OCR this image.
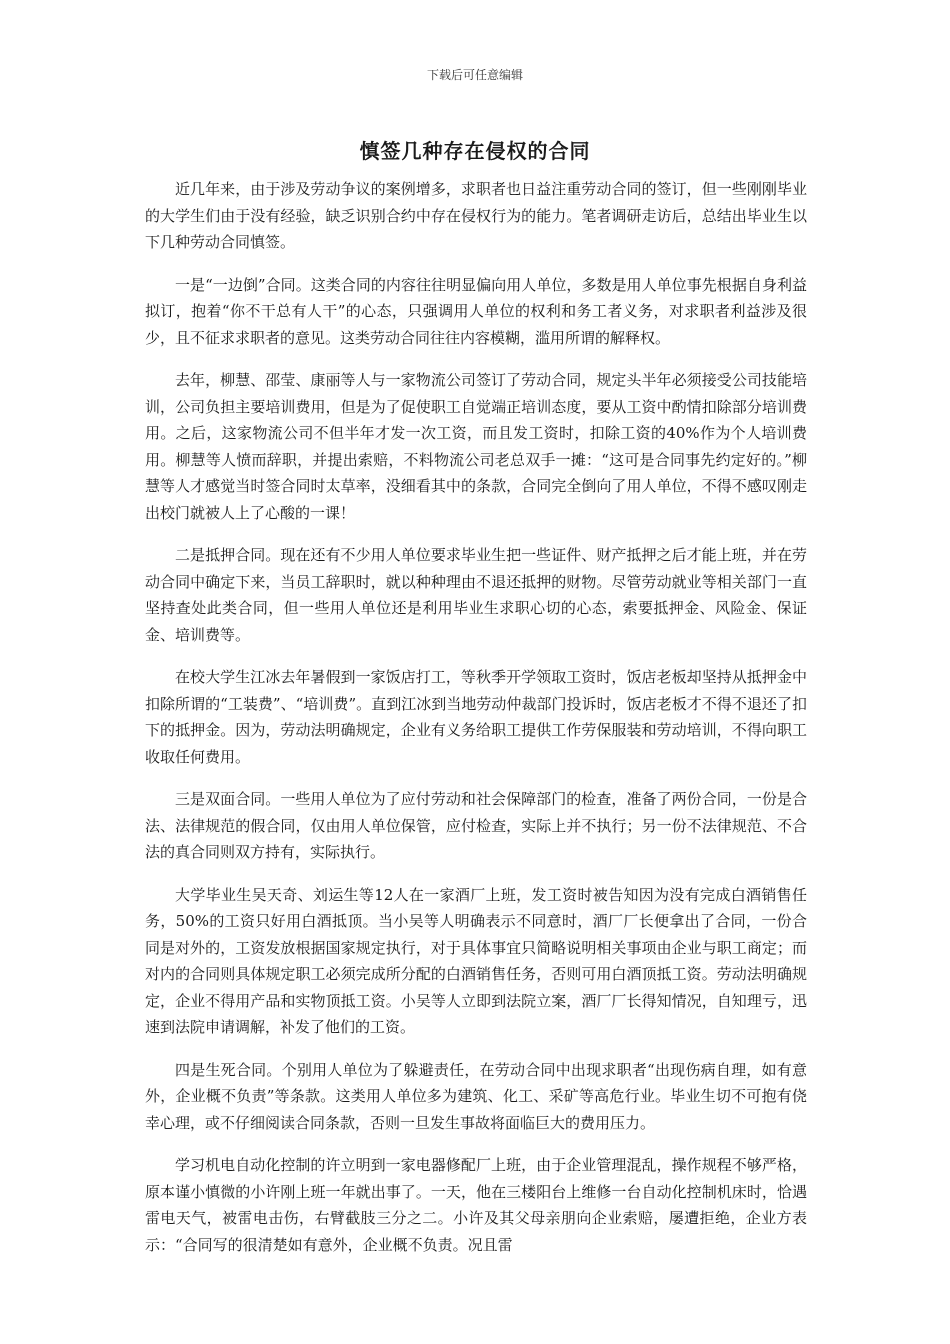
下载后可任意编辑
慎签几种存在侵权的合同

近几年来，由于涉及劳动争议的案例增多，求职者也日益注重劳动合同的签订，但一些刚刚毕业的大学生们由于没有经验，缺乏识别合约中存在侵权行为的能力。笔者调研走访后，总结出毕业生以下几种劳动合同慎签。

一是“一边倒”合同。这类合同的内容往往明显偏向用人单位，多数是用人单位事先根据自身利益拟订，抱着“你不干总有人干”的心态，只强调用人单位的权利和务工者义务，对求职者利益涉及很少，且不征求求职者的意见。这类劳动合同往往内容模糊，滥用所谓的解释权。

去年，柳慧、邵莹、康丽等人与一家物流公司签订了劳动合同，规定头半年必须接受公司技能培训，公司负担主要培训费用，但是为了促使职工自觉端正培训态度，要从工资中酌情扣除部分培训费用。之后，这家物流公司不但半年才发一次工资，而且发工资时，扣除工资的40%作为个人培训费用。柳慧等人愤而辞职，并提出索赔，不料物流公司老总双手一摊：“这可是合同事先约定好的。”柳慧等人才感觉当时签合同时太草率，没细看其中的条款，合同完全倒向了用人单位，不得不感叹刚走出校门就被人上了心酸的一课！

二是抵押合同。现在还有不少用人单位要求毕业生把一些证件、财产抵押之后才能上班，并在劳动合同中确定下来，当员工辞职时，就以种种理由不退还抵押的财物。尽管劳动就业等相关部门一直坚持查处此类合同，但一些用人单位还是利用毕业生求职心切的心态，索要抵押金、风险金、保证金、培训费等。

在校大学生江冰去年暑假到一家饭店打工，等秋季开学领取工资时，饭店老板却坚持从抵押金中扣除所谓的“工装费”、“培训费”。直到江冰到当地劳动仲裁部门投诉时，饭店老板才不得不退还了扣下的抵押金。因为，劳动法明确规定，企业有义务给职工提供工作劳保服装和劳动培训，不得向职工收取任何费用。

三是双面合同。一些用人单位为了应付劳动和社会保障部门的检查，准备了两份合同，一份是合法、法律规范的假合同，仅由用人单位保管，应付检查，实际上并不执行；另一份不法律规范、不合法的真合同则双方持有，实际执行。

大学毕业生吴天奇、刘运生等12人在一家酒厂上班，发工资时被告知因为没有完成白酒销售任务，50%的工资只好用白酒抵顶。当小吴等人明确表示不同意时，酒厂厂长便拿出了合同，一份合同是对外的，工资发放根据国家规定执行，对于具体事宜只简略说明相关事项由企业与职工商定；而对内的合同则具体规定职工必须完成所分配的白酒销售任务，否则可用白酒顶抵工资。劳动法明确规定，企业不得用产品和实物顶抵工资。小吴等人立即到法院立案，酒厂厂长得知情况，自知理亏，迅速到法院申请调解，补发了他们的工资。

四是生死合同。个别用人单位为了躲避责任，在劳动合同中出现求职者“出现伤病自理，如有意外，企业概不负责”等条款。这类用人单位多为建筑、化工、采矿等高危行业。毕业生切不可抱有侥幸心理，或不仔细阅读合同条款，否则一旦发生事故将面临巨大的费用压力。

学习机电自动化控制的许立明到一家电器修配厂上班，由于企业管理混乱，操作规程不够严格，原本谨小慎微的小许刚上班一年就出事了。一天，他在三楼阳台上维修一台自动化控制机床时，恰遇雷电天气，被雷电击伤，右臂截肢三分之二。小许及其父母亲朋向企业索赔，屡遭拒绝，企业方表示：“合同写的很清楚如有意外，企业概不负责。况且雷
